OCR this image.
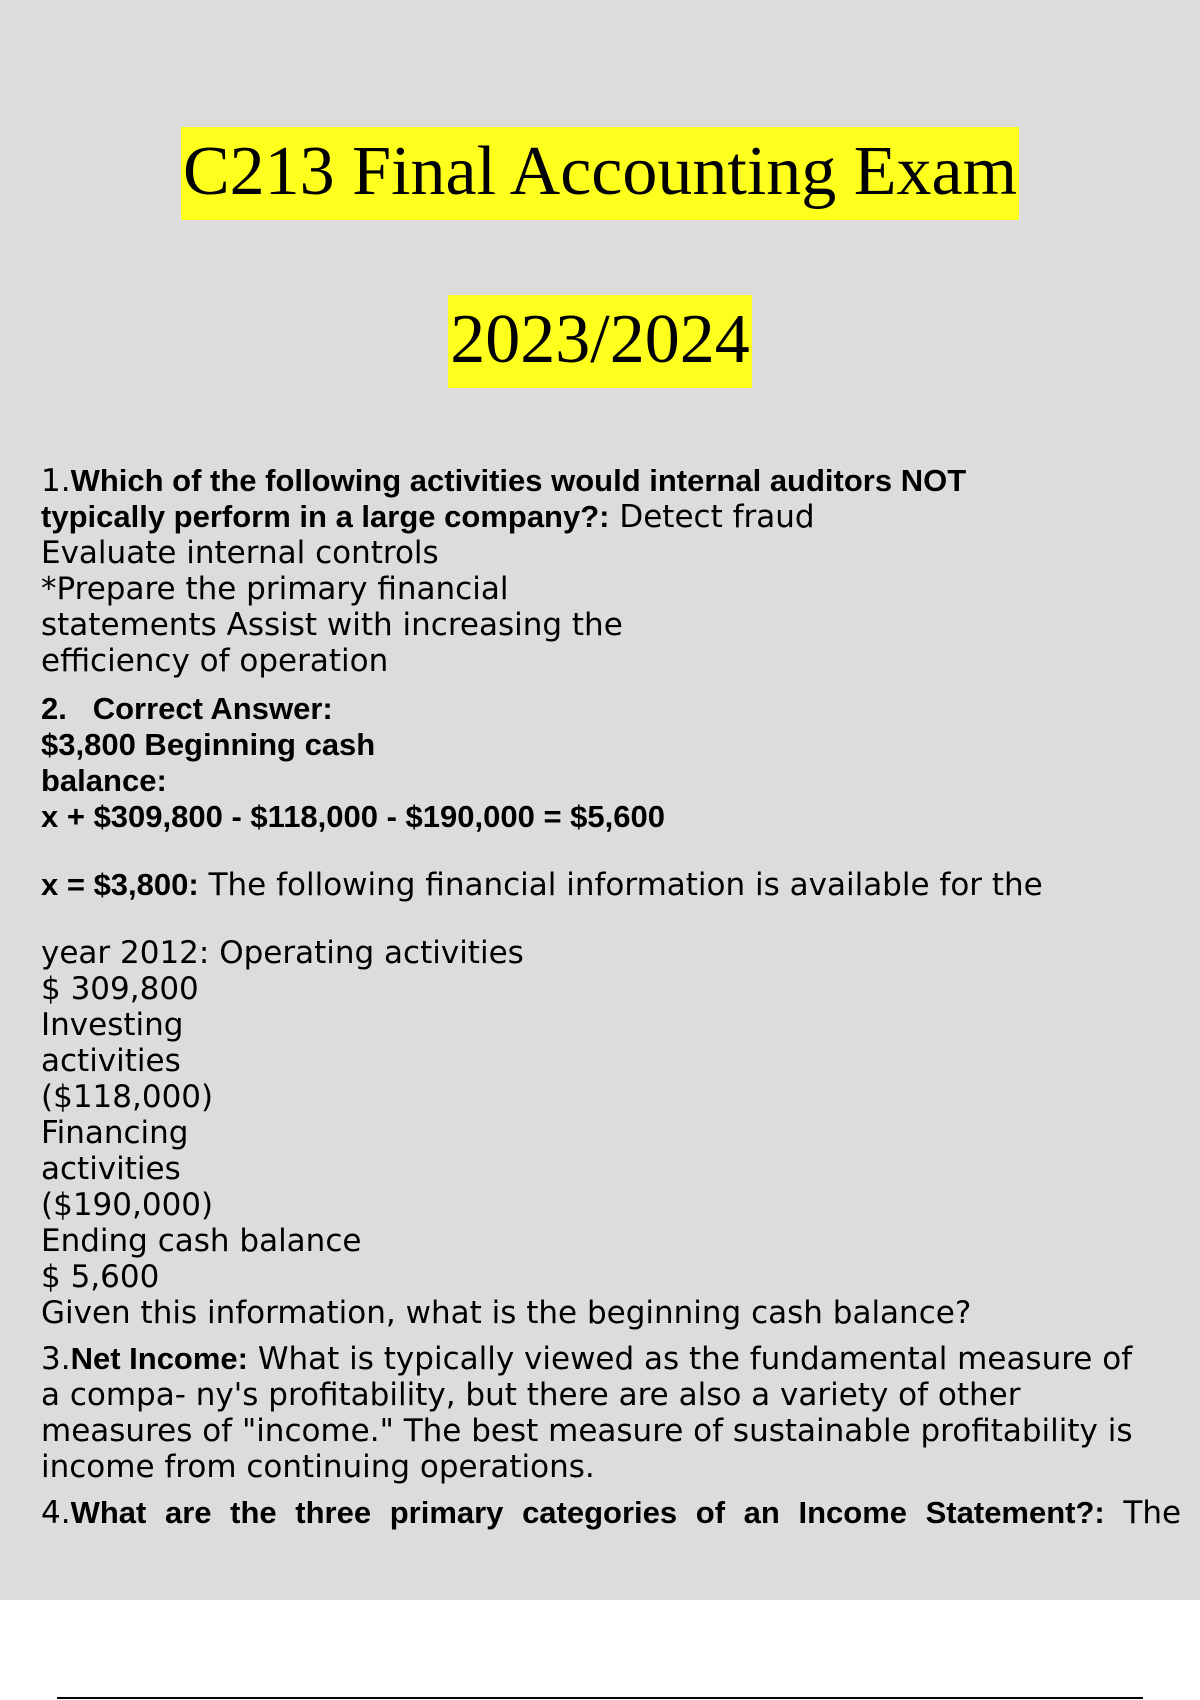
C213 Final Accounting Exam
2023/2024
1.Which of the following activities would internal auditors NOT
typically perform in a large company?: Detect fraud
Evaluate internal controls
*Prepare the primary financial
statements Assist with increasing the
efficiency of operation
2. Correct Answer:
$3,800 Beginning cash
balance:
x + $309,800 - $118,000 - $190,000 = $5,600
x = $3,800: The following financial information is available for the
year 2012: Operating activities
$ 309,800
Investing
activities
($118,000)
Financing
activities
($190,000)
Ending cash balance
$ 5,600
Given this information, what is the beginning cash balance?
3.Net Income: What is typically viewed as the fundamental measure of
a compa- ny's profitability, but there are also a variety of other
measures of "income." The best measure of sustainable profitability is
income from continuing operations.
4.What are the three primary categories of an Income Statement?: The
